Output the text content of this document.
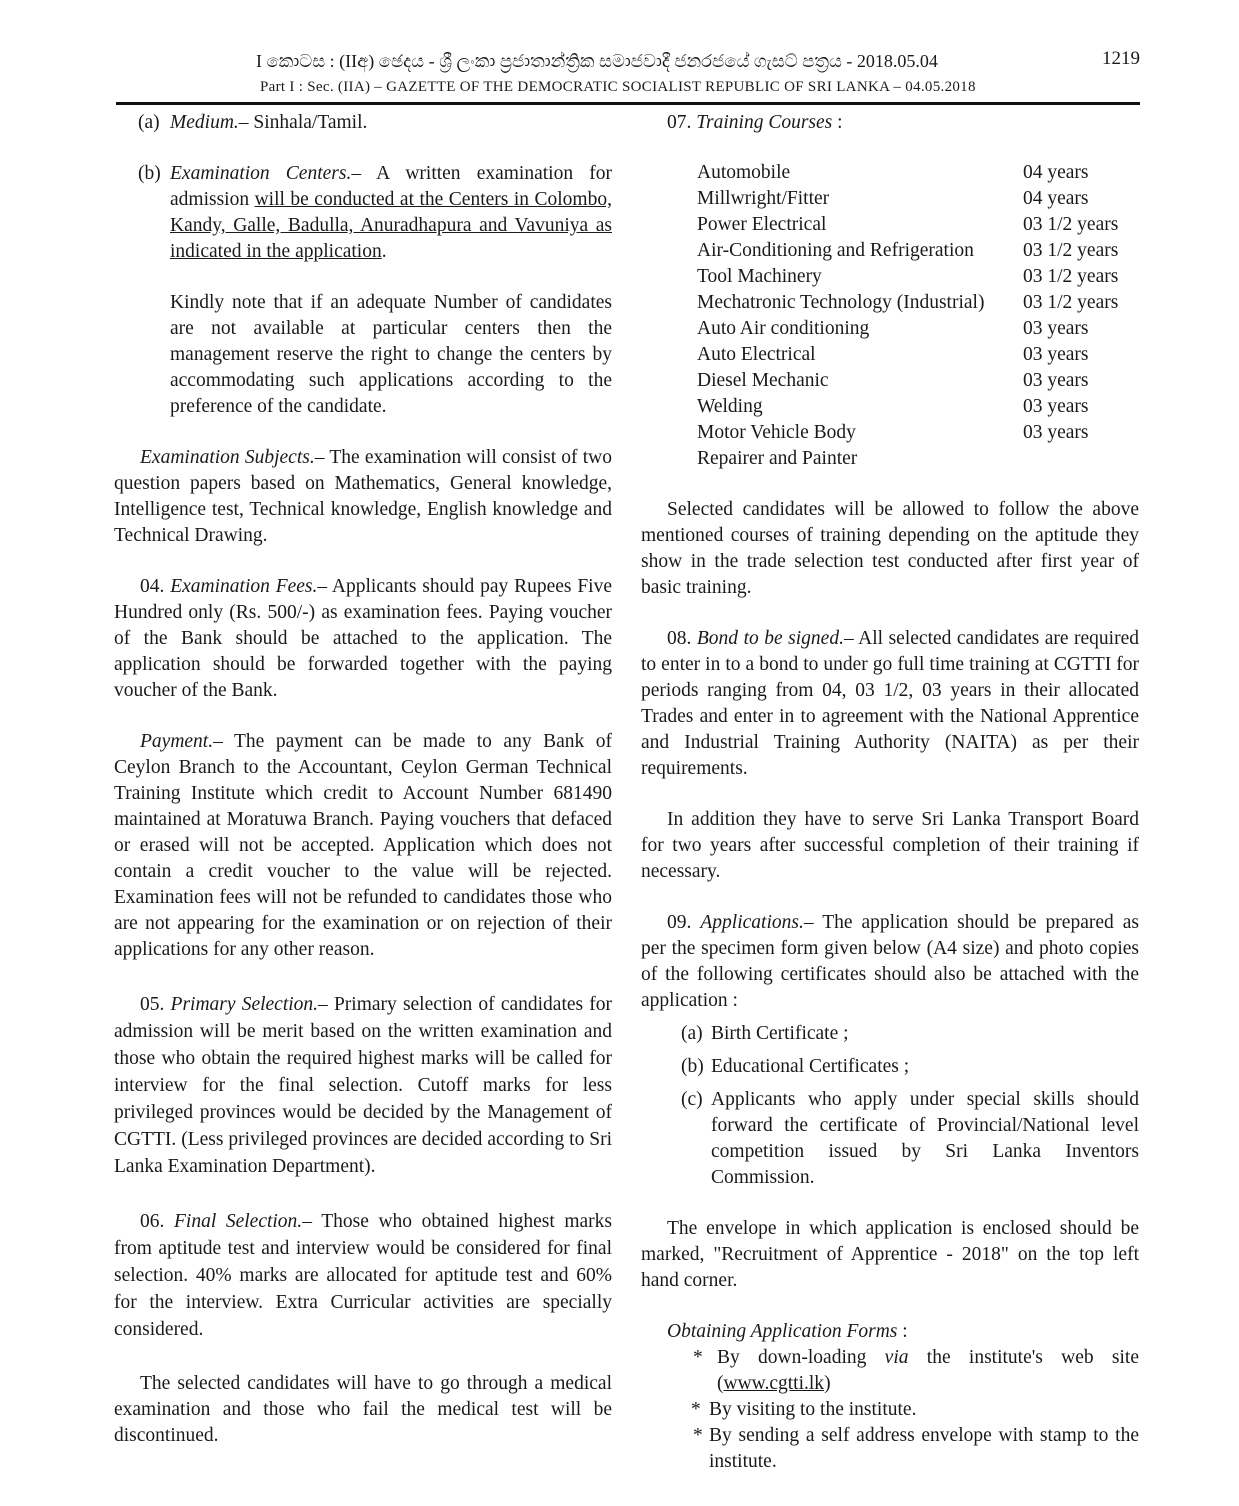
I කොටස : (IIඅ) ඡෙදය - ශ්‍රී ලංකා ප්‍රජාතාන්ත්‍රික සමාජවාදී ජනරජයේ ගැසට් පත්‍රය - 2018.05.04	1219
Part I : Sec. (IIA) – GAZETTE OF THE DEMOCRATIC SOCIALIST REPUBLIC OF SRI LANKA – 04.05.2018
(a) Medium.– Sinhala/Tamil.
(b) Examination Centers.– A written examination for admission will be conducted at the Centers in Colombo, Kandy, Galle, Badulla, Anuradhapura and Vavuniya as indicated in the application.

Kindly note that if an adequate Number of candidates are not available at particular centers then the management reserve the right to change the centers by accommodating such applications according to the preference of the candidate.

Examination Subjects.– The examination will consist of two question papers based on Mathematics, General knowledge, Intelligence test, Technical knowledge, English knowledge and Technical Drawing.

04. Examination Fees.– Applicants should pay Rupees Five Hundred only (Rs. 500/-) as examination fees. Paying voucher of the Bank should be attached to the application. The application should be forwarded together with the paying voucher of the Bank.

Payment.– The payment can be made to any Bank of Ceylon Branch to the Accountant, Ceylon German Technical Training Institute which credit to Account Number 681490 maintained at Moratuwa Branch. Paying vouchers that defaced or erased will not be accepted. Application which does not contain a credit voucher to the value will be rejected. Examination fees will not be refunded to candidates those who are not appearing for the examination or on rejection of their applications for any other reason.

05. Primary Selection.– Primary selection of candidates for admission will be merit based on the written examination and those who obtain the required highest marks will be called for interview for the final selection. Cutoff marks for less privileged provinces would be decided by the Management of CGTTI. (Less privileged provinces are decided according to Sri Lanka Examination Department).

06. Final Selection.– Those who obtained highest marks from aptitude test and interview would be considered for final selection. 40% marks are allocated for aptitude test and 60% for the interview. Extra Curricular activities are specially considered.

The selected candidates will have to go through a medical examination and those who fail the medical test will be discontinued.

07. Training Courses :

Automobile	04 years
Millwright/Fitter	04 years
Power Electrical	03 1/2 years
Air-Conditioning and Refrigeration	03 1/2 years
Tool Machinery	03 1/2 years
Mechatronic Technology (Industrial)	03 1/2 years
Auto Air conditioning	03 years
Auto Electrical	03 years
Diesel Mechanic	03 years
Welding	03 years
Motor Vehicle Body	03 years
Repairer and Painter	

Selected candidates will be allowed to follow the above mentioned courses of training depending on the aptitude they show in the trade selection test conducted after first year of basic training.

08. Bond to be signed.– All selected candidates are required to enter in to a bond to under go full time training at CGTTI for periods ranging from 04, 03 1/2, 03 years in their allocated Trades and enter in to agreement with the National Apprentice and Industrial Training Authority (NAITA) as per their requirements.

In addition they have to serve Sri Lanka Transport Board for two years after successful completion of their training if necessary.

09. Applications.– The application should be prepared as per the specimen form given below (A4 size) and photo copies of the following certificates should also be attached with the application :

(a) Birth Certificate ;
(b) Educational Certificates ;
(c) Applicants who apply under special skills should forward the certificate of Provincial/National level competition issued by Sri Lanka Inventors Commission.

The envelope in which application is enclosed should be marked, "Recruitment of Apprentice - 2018" on the top left hand corner.

Obtaining Application Forms :

* By down-loading via the institute's web site (www.cgtti.lk)
* By visiting to the institute.
* By sending a self address envelope with stamp to the institute.
